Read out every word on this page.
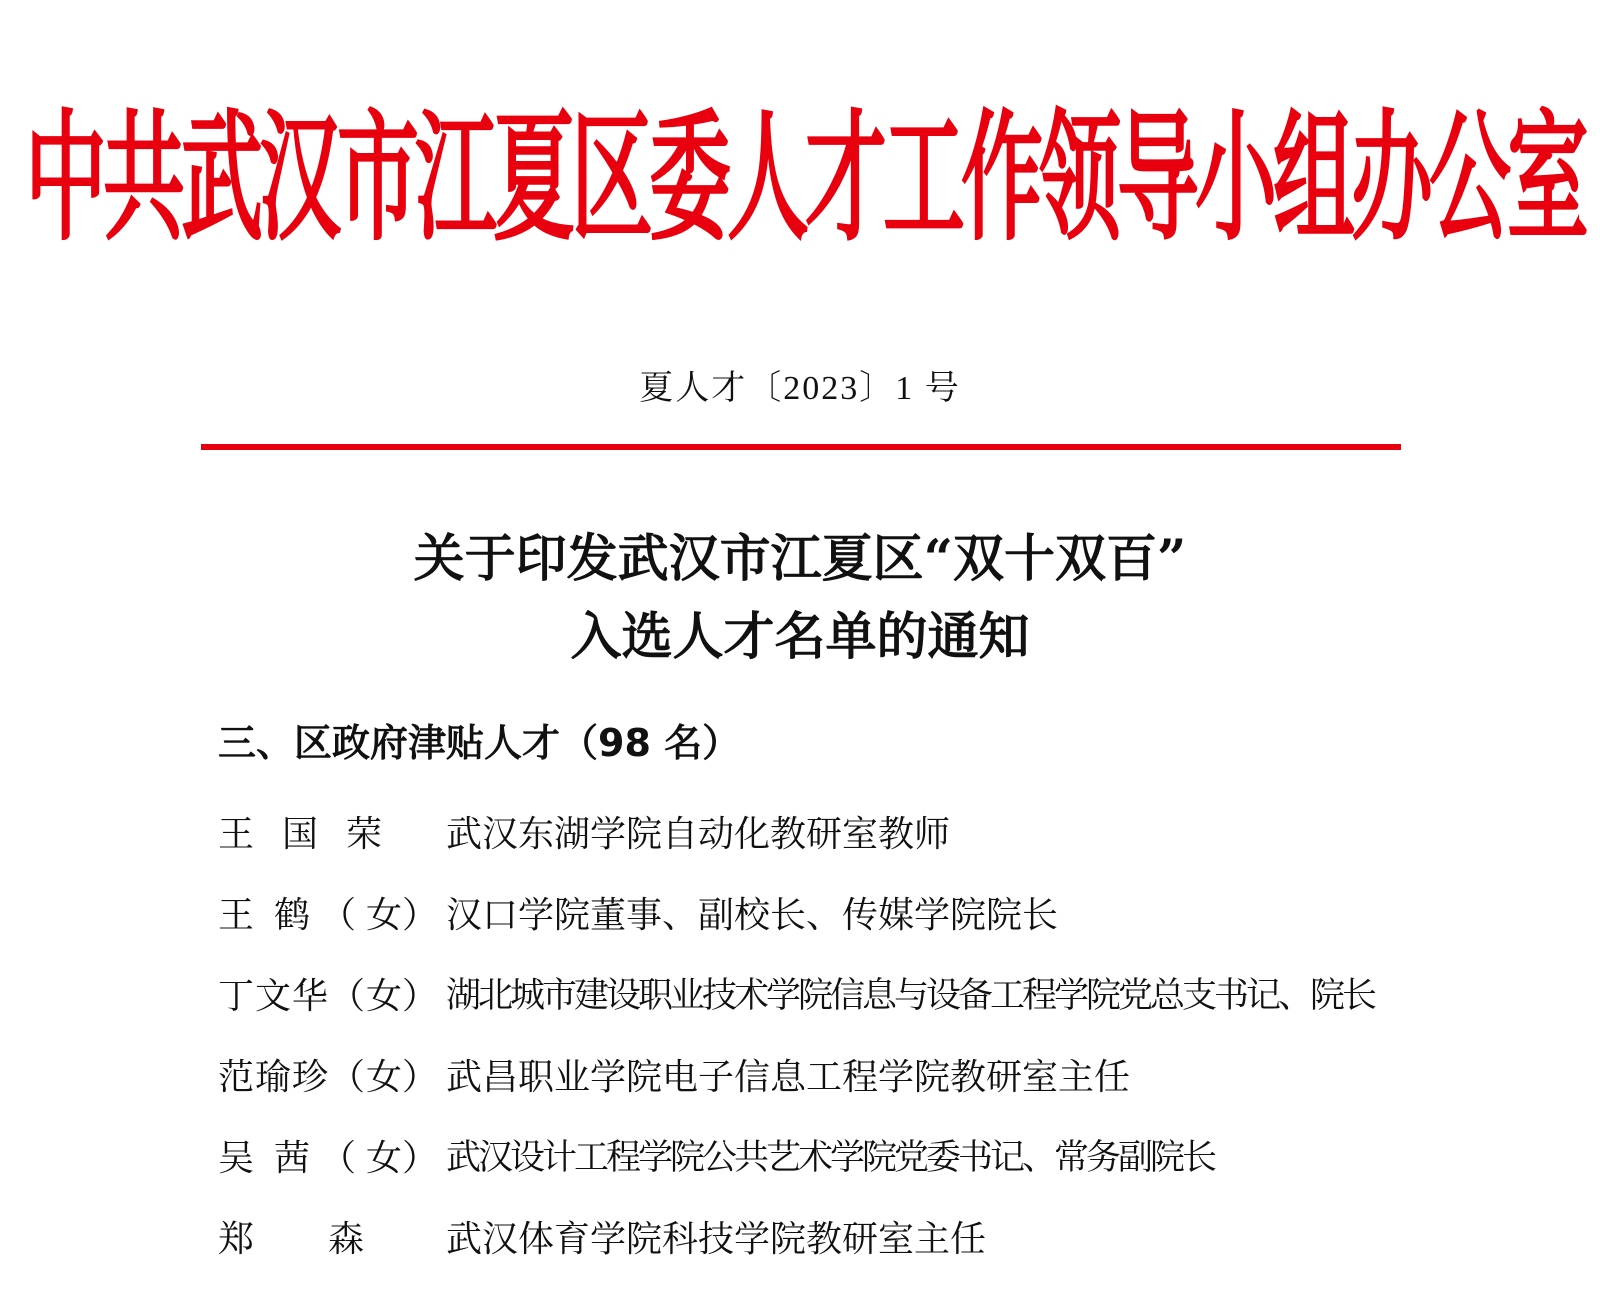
中共武汉市江夏区委人才工作领导小组办公室
夏人才〔2023〕1 号
关于印发武汉市江夏区“双十双百”
入选人才名单的通知
三、区政府津贴人才（98 名）
王 国 荣 武汉东湖学院自动化教研室教师
王 鹤 （ 女） 汉口学院董事、副校长、传媒学院院长
丁 文 华 （ 女） 湖北城市建设职业技术学院信息与设备工程学院党总支书记、院长
范 瑜 珍 （ 女） 武昌职业学院电子信息工程学院教研室主任
吴 茜 （ 女） 武汉设计工程学院公共艺术学院党委书记、常务副院长
郑 森 武汉体育学院科技学院教研室主任
